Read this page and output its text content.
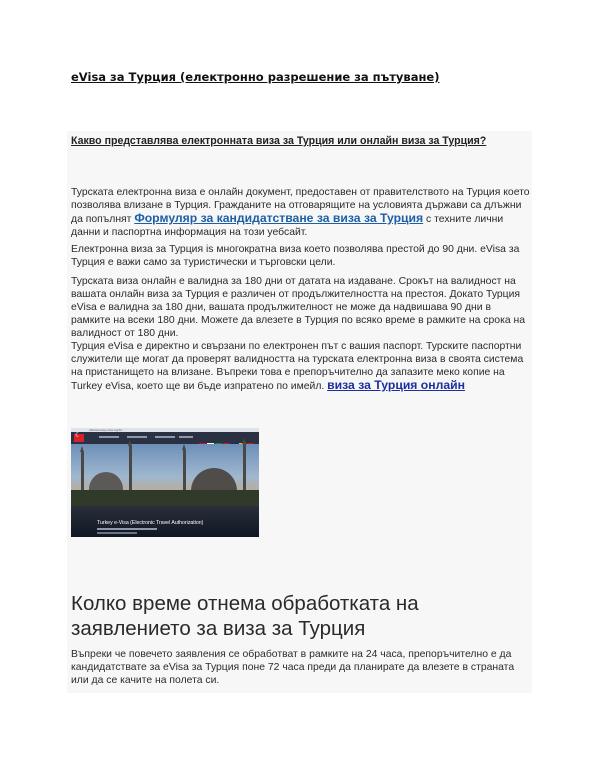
eVisa за Турция (електронно разрешение за пътуване)
Какво представлява електронната виза за Турция или онлайн виза за Турция?

Турската електронна виза е онлайн документ, предоставен от правителството на Турция което позволява влизане в Турция. Гражданите на отговарящите на условията държави са длъжни да попълнят Формуляр за кандидатстване за виза за Турция с техните лични данни и паспортна информация на този уебсайт.

Електронна виза за Турция is многократна виза което позволява престой до 90 дни. eVisa за Турция е важи само за туристически и търговски цели.

Турската виза онлайн е валидна за 180 дни от датата на издаване. Срокът на валидност на вашата онлайн виза за Турция е различен от продължителността на престоя. Докато Турция eVisa е валидна за 180 дни, вашата продължителност не може да надвишава 90 дни в рамките на всеки 180 дни. Можете да влезете в Турция по всяко време в рамките на срока на валидност от 180 дни.

Турция eVisa е директно и свързани по електронен път с вашия паспорт. Турските паспортни служители ще могат да проверят валидността на турската електронна виза в своята система на пристанището на влизане. Въпреки това е препоръчително да запазите меко копие на Turkey eVisa, което ще ви бъде изпратено по имейл. виза за Турция онлайн

official-turkey-visa.org/bn
☾
Turkey e-Visa (Electronic Travel Authorization)
Колко време отнема обработката на заявлението за виза за Турция

Въпреки че повечето заявления се обработват в рамките на 24 часа, препоръчително е да кандидатствате за eVisa за Турция поне 72 часа преди да планирате да влезете в страната или да се качите на полета си.
